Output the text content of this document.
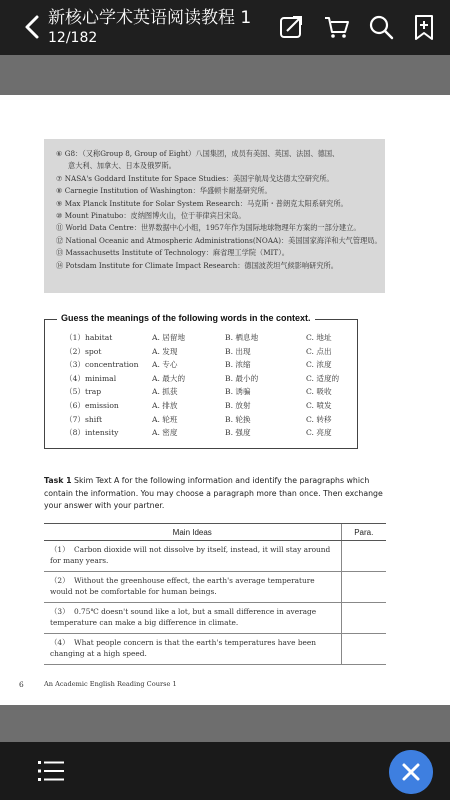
新核心学术英语阅读教程 1
12/182
⑥ G8：（又称Group 8, Group of Eight）八国集团，成员有美国、英国、法国、德国、
意大利、加拿大、日本及俄罗斯。
⑦ NASA's Goddard Institute for Space Studies：美国宇航局戈达德太空研究所。
⑧ Carnegie Institution of Washington：华盛顿卡耐基研究所。
⑨ Max Planck Institute for Solar System Research：马克斯・普朗克太阳系研究所。
⑩ Mount Pinatubo：皮纳图博火山，位于菲律宾吕宋岛。
⑪ World Data Centre：世界数据中心小组，1957年作为国际地球物理年方案的一部分建立。
⑫ National Oceanic and Atmospheric Administrations(NOAA)：美国国家海洋和大气管理局。
⑬ Massachusetts Institute of Technology：麻省理工学院（MIT）。
⑭ Potsdam Institute for Climate Impact Research：德国波茨坦气候影响研究所。
Guess the meanings of the following words in the context.
（1）habitat	A. 居留地	B. 栖息地	C. 地址
（2）spot	A. 发现	B. 出现	C. 点出
（3）concentration A. 专心	B. 浓缩	C. 浓度
（4）minimal	A. 最大的	B. 最小的	C. 适度的
（5）trap	A. 抓获	B. 诱骗	C. 吸收
（6）emission	A. 排放	B. 放射	C. 喷发
（7）shift	A. 轮班	B. 轮换	C. 转移
（8）intensity	A. 密度	B. 强度	C. 亮度
Task 1 Skim Text A for the following information and identify the paragraphs which contain the information. You may choose a paragraph more than once. Then exchange your answer with your partner.
Main Ideas	Para.
（1） Carbon dioxide will not dissolve by itself, instead, it will stay around for many years.	
（2） Without the greenhouse effect, the earth's average temperature would not be comfortable for human beings.	
（3） 0.75℃ doesn't sound like a lot, but a small difference in average temperature can make a big difference in climate.	
（4） What people concern is that the earth's temperatures have been changing at a high speed.	
6	An Academic English Reading Course 1
